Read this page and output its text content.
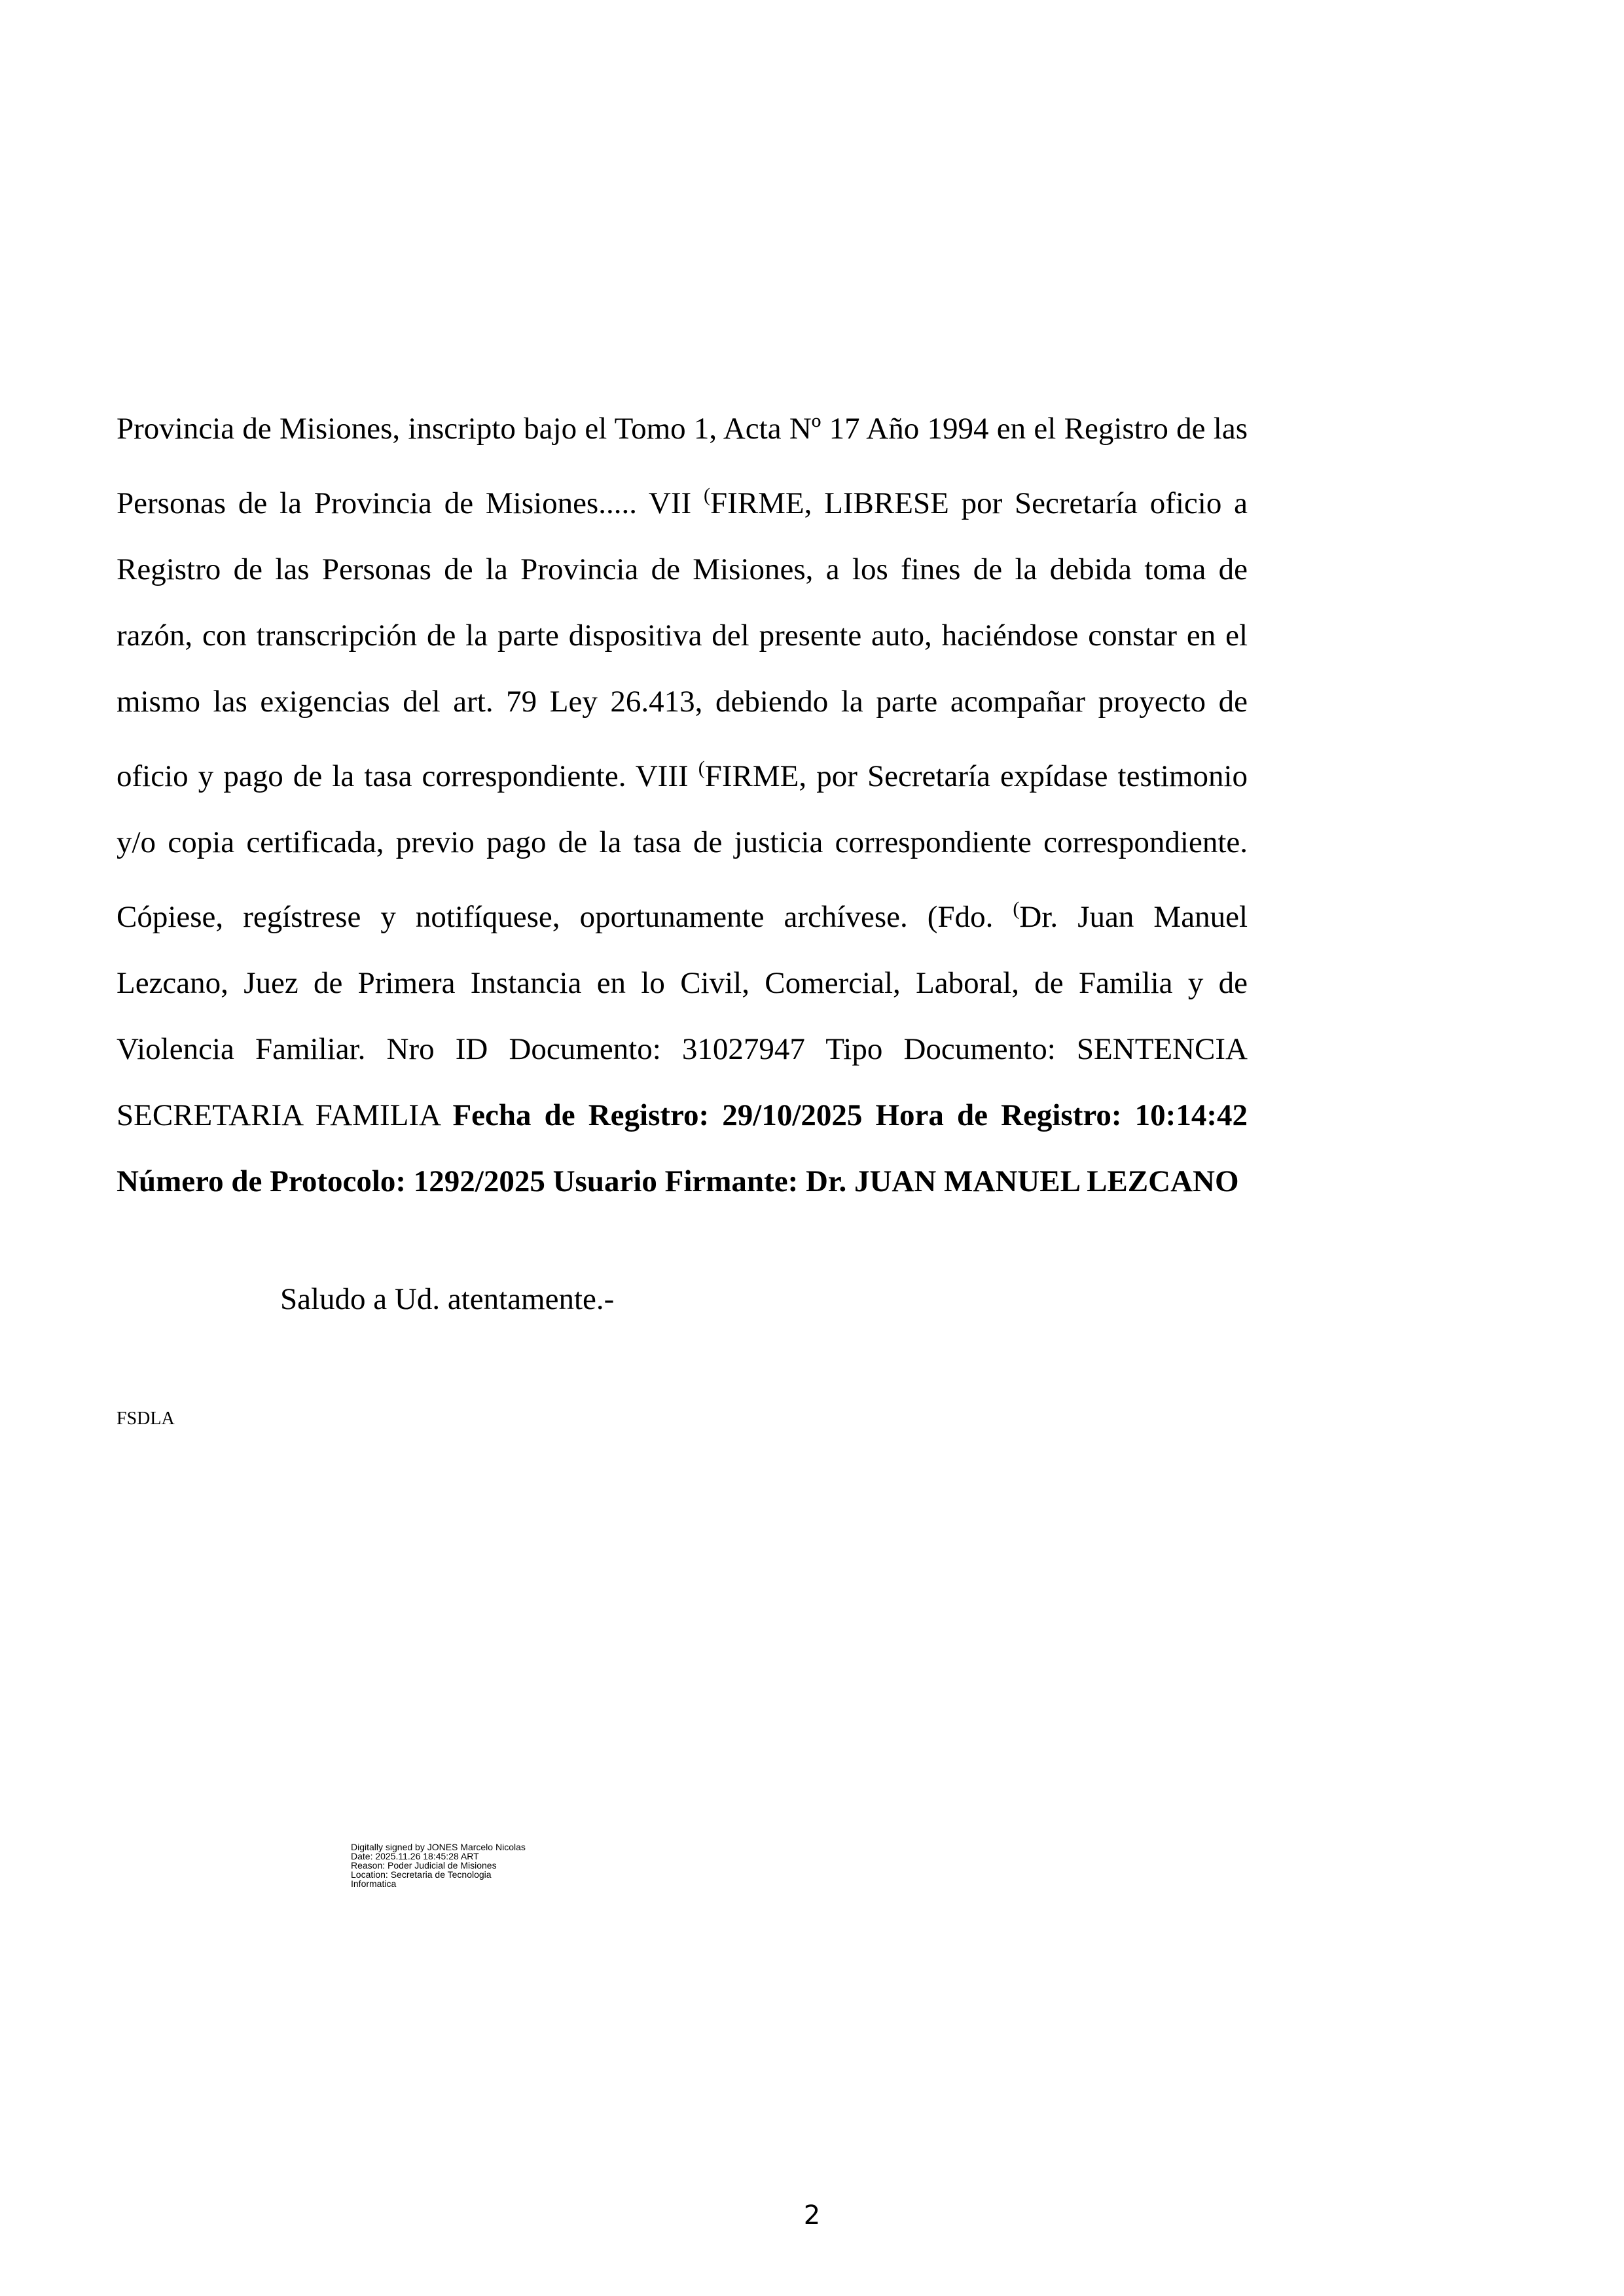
Provincia de Misiones, inscripto bajo el Tomo 1, Acta Nº 17 Año 1994 en el Registro de las Personas de la Provincia de Misiones..... VII (FIRME, LIBRESE por Secretaría oficio a Registro de las Personas de la Provincia de Misiones, a los fines de la debida toma de razón, con transcripción de la parte dispositiva del presente auto, haciéndose constar en el mismo las exigencias del art. 79 Ley 26.413, debiendo la parte acompañar proyecto de oficio y pago de la tasa correspondiente. VIII (FIRME, por Secretaría expídase testimonio y/o copia certificada, previo pago de la tasa de justicia correspondiente correspondiente. Cópiese, regístrese y notifíquese, oportunamente archívese. (Fdo. (Dr. Juan Manuel Lezcano, Juez de Primera Instancia en lo Civil, Comercial, Laboral, de Familia y de Violencia Familiar. Nro ID Documento: 31027947 Tipo Documento: SENTENCIA SECRETARIA FAMILIA Fecha de Registro: 29/10/2025 Hora de Registro: 10:14:42 Número de Protocolo: 1292/2025 Usuario Firmante: Dr. JUAN MANUEL LEZCANO

Saludo a Ud. atentamente.-

FSDLA

Digitally signed by JONES Marcelo Nicolas
Date: 2025.11.26 18:45:28 ART
Reason: Poder Judicial de Misiones
Location: Secretaria de Tecnologia
Informatica
2
